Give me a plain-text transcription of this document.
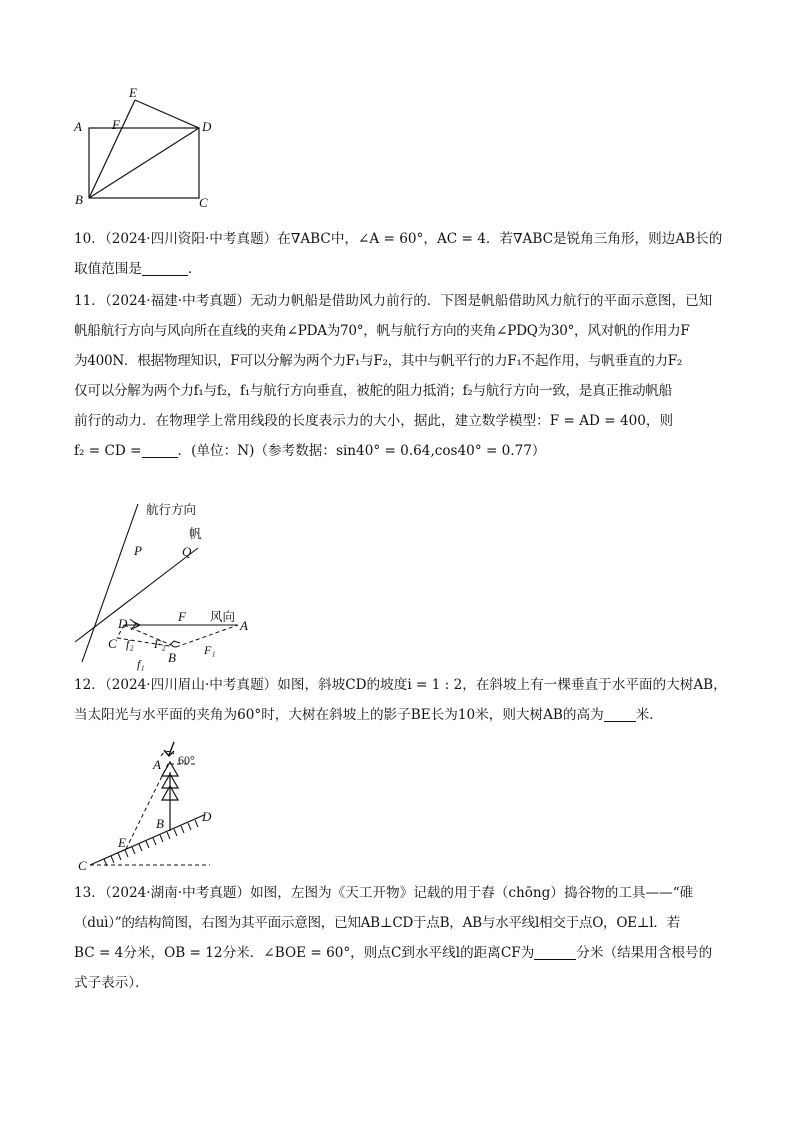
E
A F	D
B	C

10．（2024·四川资阳·中考真题）在∇ABC中，∠A = 60°，AC = 4．若∇ABC是锐角三角形，则边AB长的

取值范围是	．

11．（2024·福建·中考真题）无动力帆船是借助风力前行的．下图是帆船借助风力航行的平面示意图，已知

帆船航行方向与风向所在直线的夹角∠PDA为70°，帆与航行方向的夹角∠PDQ为30°，风对帆的作用力F

为400N．根据物理知识，F可以分解为两个力F₁与F₂，其中与帆平行的力F₁不起作用，与帆垂直的力F₂

仅可以分解为两个力f₁与f₂，f₁与航行方向垂直，被舵的阻力抵消；f₂与航行方向一致，是真正推动帆船

前行的动力．在物理学上常用线段的长度表示力的大小，据此，建立数学模型：F = AD = 400，则

f₂ = CD =	．(单位：N)（参考数据：sin40° = 0.64,cos40° = 0.77）

航行方向
帆
P	Q
D	F 风向
A
f₂ F₂	F₁
C
f₁ B

12．（2024·四川眉山·中考真题）如图，斜坡CD的坡度i = 1 : 2，在斜坡上有一棵垂直于水平面的大树AB，

当太阳光与水平面的夹角为60°时，大树在斜坡上的影子BE长为10米，则大树AB的高为 米．

60°
A
B	D
E
C

13．（2024·湖南·中考真题）如图，左图为《天工开物》记载的用于舂（chōng）捣谷物的工具——“碓

（duì）”的结构简图，右图为其平面示意图，已知AB⊥CD于点B，AB与水平线l相交于点O，OE⊥l．若

BC = 4分米，OB = 12分米．∠BOE = 60°，则点C到水平线l的距离CF为	分米（结果用含根号的

式子表示）．
